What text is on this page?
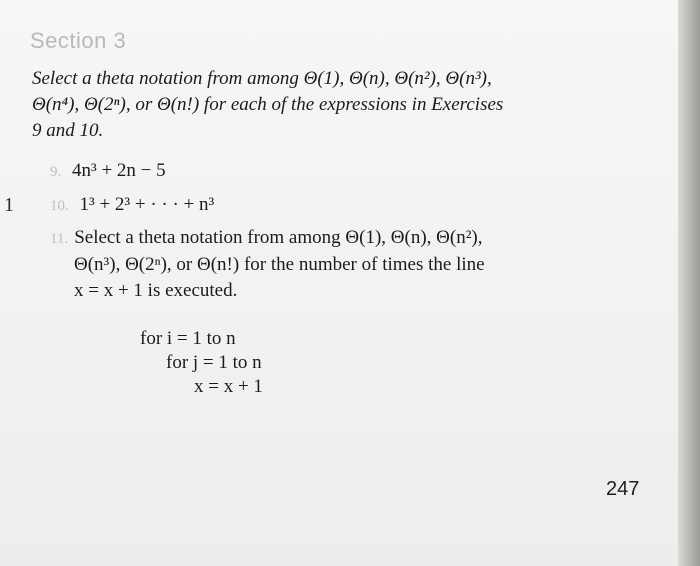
Section 3
Select a theta notation from among Θ(1), Θ(n), Θ(n²), Θ(n³),
Θ(n⁴), Θ(2ⁿ), or Θ(n!) for each of the expressions in Exercises
9 and 10.
9. 4n³ + 2n − 5
1 10. 1³ + 2³ + · · · + n³
11. Select a theta notation from among Θ(1), Θ(n), Θ(n²),
Θ(n³), Θ(2ⁿ), or Θ(n!) for the number of times the line
x = x + 1 is executed.
for i = 1 to n
for j = 1 to n
x = x + 1
247
